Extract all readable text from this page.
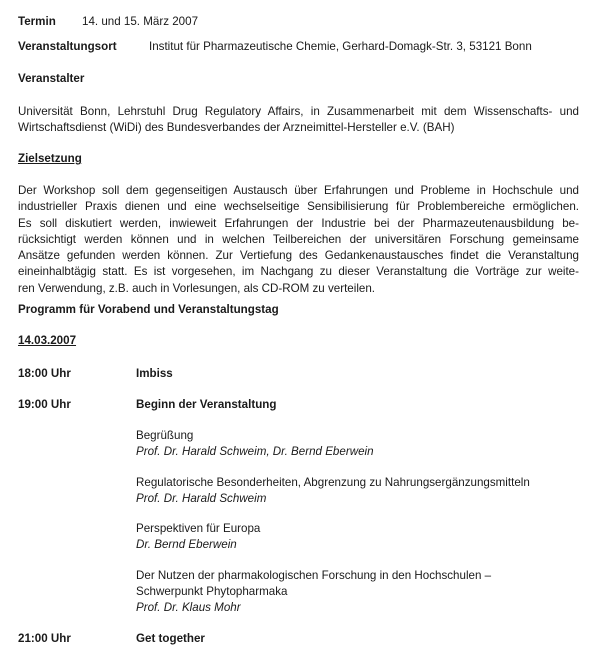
Termin 14. und 15. März 2007
Veranstaltungsort	Institut für Pharmazeutische Chemie, Gerhard-Domagk-Str. 3, 53121 Bonn
Veranstalter
Universität Bonn, Lehrstuhl Drug Regulatory Affairs, in Zusammenarbeit mit dem Wissenschafts- und
Wirtschaftsdienst (WiDi) des Bundesverbandes der Arzneimittel-Hersteller e.V. (BAH)
Zielsetzung
Der Workshop soll dem gegenseitigen Austausch über Erfahrungen und Probleme in Hochschule und
industrieller Praxis dienen und eine wechselseitige Sensibilisierung für Problembereiche ermöglichen.
Es soll diskutiert werden, inwieweit Erfahrungen der Industrie bei der Pharmazeutenausbildung be-
rücksichtigt werden können und in welchen Teilbereichen der universitären Forschung gemeinsame
Ansätze gefunden werden können. Zur Vertiefung des Gedankenaustausches findet die Veranstaltung
eineinhalbtägig statt. Es ist vorgesehen, im Nachgang zu dieser Veranstaltung die Vorträge zur weite-
ren Verwendung, z.B. auch in Vorlesungen, als CD-ROM zu verteilen.
Programm für Vorabend und Veranstaltungstag
14.03.2007
18:00 Uhr	Imbiss
19:00 Uhr	Beginn der Veranstaltung
Begrüßung
Prof. Dr. Harald Schweim, Dr. Bernd Eberwein
Regulatorische Besonderheiten, Abgrenzung zu Nahrungsergänzungsmitteln
Prof. Dr. Harald Schweim
Perspektiven für Europa
Dr. Bernd Eberwein
Der Nutzen der pharmakologischen Forschung in den Hochschulen –
Schwerpunkt Phytopharmaka
Prof. Dr. Klaus Mohr
21:00 Uhr	Get together
